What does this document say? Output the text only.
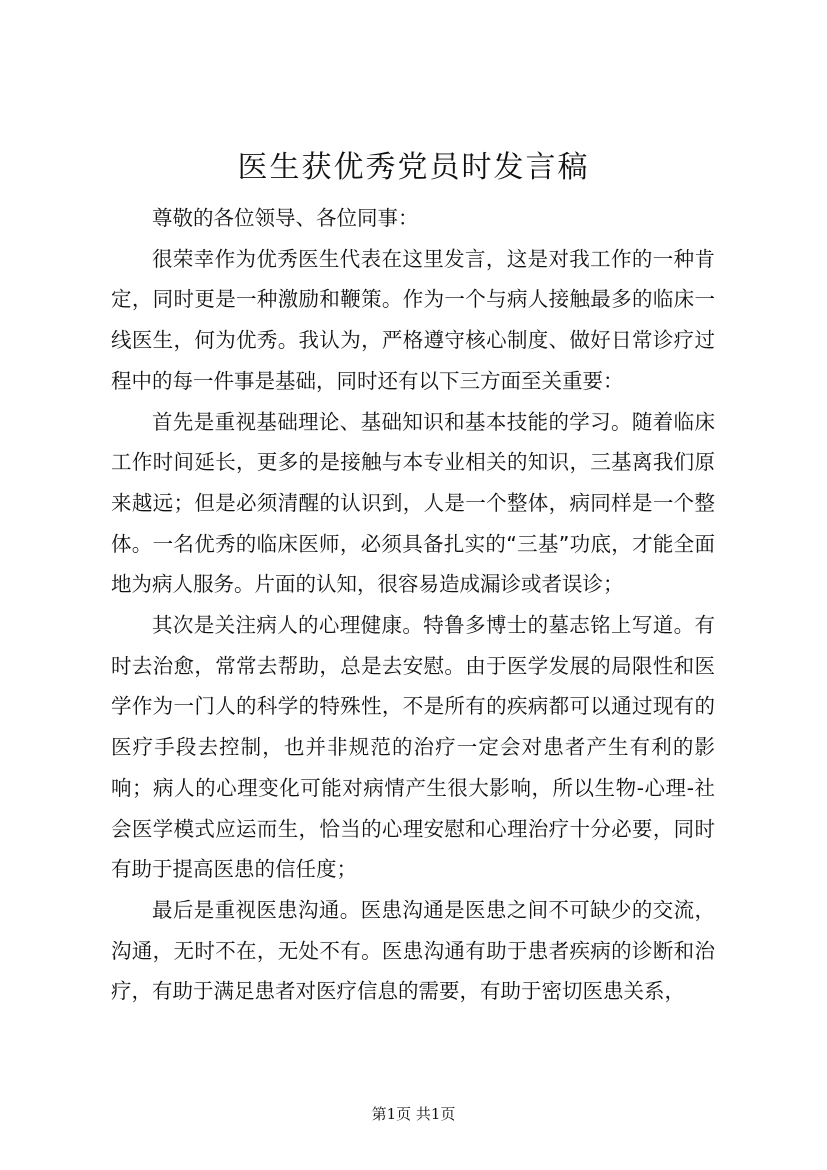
医生获优秀党员时发言稿

尊敬的各位领导、各位同事：

很荣幸作为优秀医生代表在这里发言，这是对我工作的一种肯定，同时更是一种激励和鞭策。作为一个与病人接触最多的临床一线医生，何为优秀。我认为，严格遵守核心制度、做好日常诊疗过程中的每一件事是基础，同时还有以下三方面至关重要：

首先是重视基础理论、基础知识和基本技能的学习。随着临床工作时间延长，更多的是接触与本专业相关的知识，三基离我们原来越远；但是必须清醒的认识到，人是一个整体，病同样是一个整体。一名优秀的临床医师，必须具备扎实的“三基”功底，才能全面地为病人服务。片面的认知，很容易造成漏诊或者误诊；

其次是关注病人的心理健康。特鲁多博士的墓志铭上写道。有时去治愈，常常去帮助，总是去安慰。由于医学发展的局限性和医学作为一门人的科学的特殊性，不是所有的疾病都可以通过现有的医疗手段去控制，也并非规范的治疗一定会对患者产生有利的影响；病人的心理变化可能对病情产生很大影响，所以生物-心理-社会医学模式应运而生，恰当的心理安慰和心理治疗十分必要，同时有助于提高医患的信任度；

最后是重视医患沟通。医患沟通是医患之间不可缺少的交流，沟通，无时不在，无处不有。医患沟通有助于患者疾病的诊断和治疗，有助于满足患者对医疗信息的需要，有助于密切医患关系，

第1页 共1页
